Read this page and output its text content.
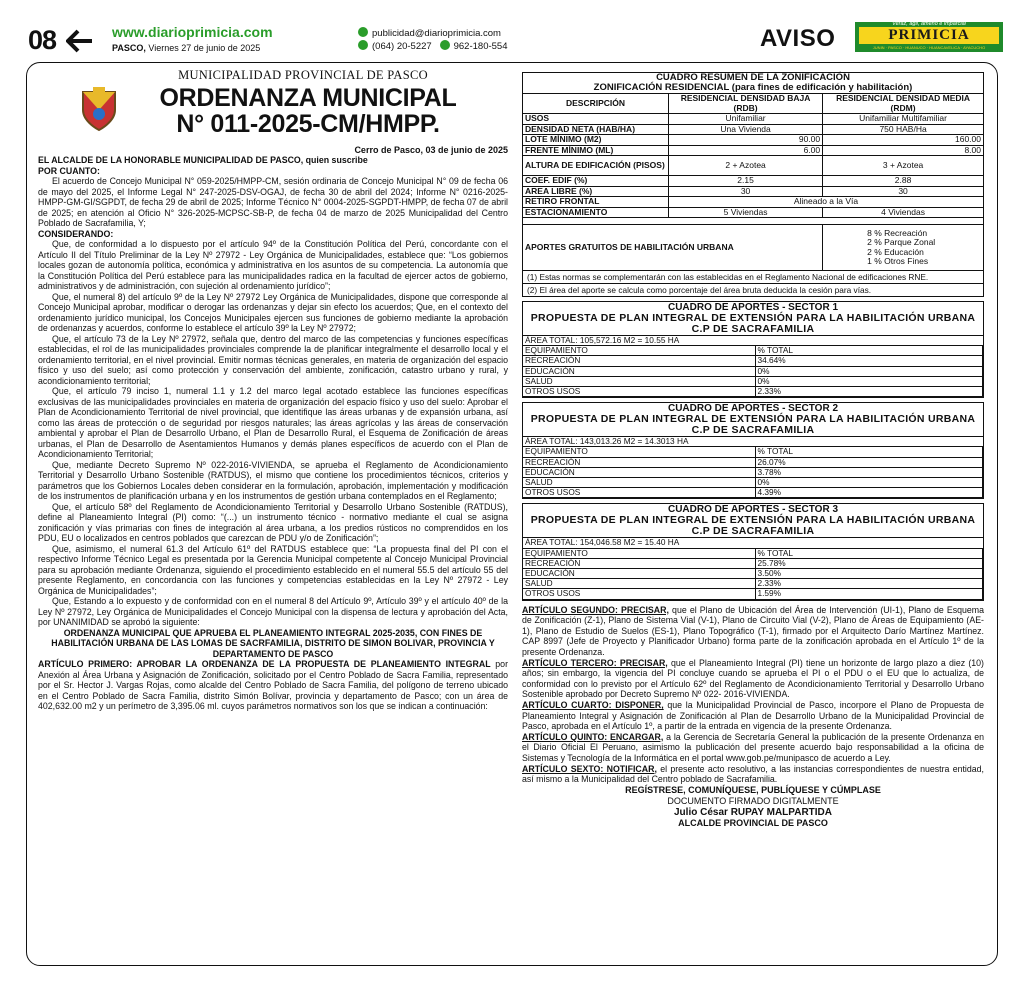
08	www.diarioprimicia.com
PASCO, Viernes 27 de junio de 2025
publicidad@diarioprimicia.com
(064) 20-5227 962-180-554	AVISO
Veraz, ágil, ameno e imparcial
PRIMICIA
JUNIN · PASCO · HUANUCO · HUANCAVELICA · AYACUCHO
MUNICIPALIDAD PROVINCIAL DE PASCO
ORDENANZA MUNICIPAL
N° 011-2025-CM/HMPP.
Cerro de Pasco, 03 de junio de 2025
EL ALCALDE DE LA HONORABLE MUNICIPALIDAD DE PASCO, quien suscribe
POR CUANTO:
El acuerdo de Concejo Municipal N° 059-2025/HMPP-CM, sesión ordinaria de Concejo Municipal N° 09 de fecha 06 de mayo del 2025, el Informe Legal N° 247-2025-DSV-OGAJ, de fecha 30 de abril del 2024; Informe N° 0216-2025-HMPP-GM-GI/SGPDT, de fecha 29 de abril de 2025; Informe Técnico N° 0004-2025-SGPDT-HMPP, de fecha 07 de abril de 2025; en atención al Oficio N° 326-2025-MCPSC-SB-P, de fecha 04 de marzo de 2025 Municipalidad del Centro Poblado de Sacrafamilia, Y;
CONSIDERANDO:
Que, de conformidad a lo dispuesto por el artículo 94º de la Constitución Política del Perú, concordante con el Artículo II del Título Preliminar de la Ley Nº 27972 - Ley Orgánica de Municipalidades, establece que: “Los gobiernos locales gozan de autonomía política, económica y administrativa en los asuntos de su competencia. La autonomía que la Constitución Política del Perú establece para las municipalidades radica en la facultad de ejercer actos de gobierno, administrativos y de administración, con sujeción al ordenamiento jurídico”;
Que, el numeral 8) del artículo 9º de la Ley Nº 27972 Ley Orgánica de Municipalidades, dispone que corresponde al Concejo Municipal aprobar, modificar o derogar las ordenanzas y dejar sin efecto los acuerdos; Que, en el contexto del ordenamiento jurídico municipal, los Concejos Municipales ejercen sus funciones de gobierno mediante la aprobación de ordenanzas y acuerdos, conforme lo establece el artículo 39º la Ley Nº 27972;
Que, el artículo 73 de la Ley Nº 27972, señala que, dentro del marco de las competencias y funciones específicas establecidas, el rol de las municipalidades provinciales comprende la de planificar integralmente el desarrollo local y el ordenamiento territorial, en el nivel provincial. Emitir normas técnicas generales, en materia de organización del espacio físico y uso del suelo; así como protección y conservación del ambiente, zonificación, catastro urbano y rural, y acondicionamiento territorial;
Que, el artículo 79 inciso 1, numeral 1.1 y 1.2 del marco legal acotado establece las funciones específicas exclusivas de las municipalidades provinciales en materia de organización del espacio físico y uso del suelo: Aprobar el Plan de Acondicionamiento Territorial de nivel provincial, que identifique las áreas urbanas y de expansión urbana, así como las áreas de protección o de seguridad por riesgos naturales; las áreas agrícolas y las áreas de conservación ambiental y aprobar el Plan de Desarrollo Urbano, el Plan de Desarrollo Rural, el Esquema de Zonificación de áreas urbanas, el Plan de Desarrollo de Asentamientos Humanos y demás planes específicos de acuerdo con el Plan de Acondicionamiento Territorial;
Que, mediante Decreto Supremo Nº 022-2016-VIVIENDA, se aprueba el Reglamento de Acondicionamiento Territorial y Desarrollo Urbano Sostenible (RATDUS), el mismo que contiene los procedimientos técnicos, criterios y parámetros que los Gobiernos Locales deben considerar en la formulación, aprobación, implementación y modificación de los instrumentos de planificación urbana y en los instrumentos de gestión urbana contemplados en el Reglamento;
Que, el artículo 58º del Reglamento de Acondicionamiento Territorial y Desarrollo Urbano Sostenible (RATDUS), define al Planeamiento Integral (PI) como: “(...) un instrumento técnico - normativo mediante el cual se asigna zonificación y vías primarias con fines de integración al área urbana, a los predios rústicos no comprendidos en los PDU, EU o localizados en centros poblados que carezcan de PDU y/o de Zonificación”;
Que, asimismo, el numeral 61.3 del Artículo 61º del RATDUS establece que: “La propuesta final del PI con el respectivo Informe Técnico Legal es presentada por la Gerencia Municipal competente al Concejo Municipal Provincial para su aprobación mediante Ordenanza, siguiendo el procedimiento establecido en el numeral 55.5 del artículo 55 del presente Reglamento, en concordancia con las funciones y competencias establecidas en la Ley Nº 27972 - Ley Orgánica de Municipalidades”;
Que, Estando a lo expuesto y de conformidad con en el numeral 8 del Artículo 9º, Artículo 39º y el artículo 40º de la Ley Nº 27972, Ley Orgánica de Municipalidades el Concejo Municipal con la dispensa de lectura y aprobación del Acta, por UNANIMIDAD se aprobó la siguiente:
ORDENANZA MUNICIPAL QUE APRUEBA EL PLANEAMIENTO INTEGRAL 2025-2035, CON FINES DE HABILITACIÓN URBANA DE LAS LOMAS DE SACRFAMILIA, DISTRITO DE SIMON BOLIVAR, PROVINCIA Y DEPARTAMENTO DE PASCO
ARTÍCULO PRIMERO: APROBAR LA ORDENANZA DE LA PROPUESTA DE PLANEAMIENTO INTEGRAL por Anexión al Área Urbana y Asignación de Zonificación, solicitado por el Centro Poblado de Sacra Familia, representado por el Sr. Hector J. Vargas Rojas, como alcalde del Centro Poblado de Sacra Familia, del polígono de terreno ubicado en el Centro Poblado de Sacra Familia, distrito Simón Bolívar, provincia y departamento de Pasco; con un área de 402,632.00 m2 y un perímetro de 3,395.06 ml. cuyos parámetros normativos son los que se indican a continuación:
CUADRO RESUMEN DE LA ZONIFICACIÓN		
ZONIFICACIÓN RESIDENCIAL (para fines de edificación y habilitación)		
DESCRIPCIÓN	RESIDENCIAL DENSIDAD BAJA (RDB)	RESIDENCIAL DENSIDAD MEDIA (RDM)
USOS	Unifamiliar	Unifamiliar Multifamiliar
DENSIDAD NETA (HAB/HA)	Una Vivienda	750 HAB/Ha
LOTE MÍNIMO (M2)	90.00	160.00
FRENTE MÍNIMO (ML)	6.00	8.00
ALTURA DE EDIFICACIÓN (PISOS)	2 + Azotea	3 + Azotea
COEF. EDIF (%)	2.15	2.88
AREA LIBRE (%)	30	30
RETIRO FRONTAL	Alineado a la Vía	
ESTACIONAMIENTO	5 Viviendas	4 Viviendas

APORTES GRATUITOS DE HABILITACIÓN URBANA		8 % Recreación
2 % Parque Zonal
2 % Educación
1 % Otros Fines

(1) Estas normas se complementarán con las establecidas en el Reglamento Nacional de edificaciones RNE.		
(2) El área del aporte se calcula como porcentaje del área bruta deducida la cesión para vías.		
CUADRO DE APORTES - SECTOR 1
PROPUESTA DE PLAN INTEGRAL DE EXTENSIÓN PARA LA HABILITACIÓN URBANA C.P DE SACRAFAMILIA
ÁREA TOTAL: 105,572.16 M2 = 10.55 HA	
EQUIPAMIENTO	% TOTAL
RECREACIÓN	34.64%
EDUCACIÓN	0%
SALUD	0%
OTROS USOS	2.33%
CUADRO DE APORTES - SECTOR 2
PROPUESTA DE PLAN INTEGRAL DE EXTENSIÓN PARA LA HABILITACIÓN URBANA C.P DE SACRAFAMILIA
ÁREA TOTAL: 143,013.26 M2 = 14.3013 HA	
EQUIPAMIENTO	% TOTAL
RECREACIÓN	26.07%
EDUCACIÓN	3.78%
SALUD	0%
OTROS USOS	4.39%
CUADRO DE APORTES - SECTOR 3
PROPUESTA DE PLAN INTEGRAL DE EXTENSIÓN PARA LA HABILITACIÓN URBANA C.P DE SACRAFAMILIA
ÁREA TOTAL: 154,046.58 M2 = 15.40 HA	
EQUIPAMIENTO	% TOTAL
RECREACIÓN	25.78%
EDUCACIÓN	3.50%
SALUD	2.33%
OTROS USOS	1.59%
ARTÍCULO SEGUNDO: PRECISAR, que el Plano de Ubicación del Área de Intervención (UI-1), Plano de Esquema de Zonificación (Z-1), Plano de Sistema Vial (V-1), Plano de Circuito Vial (V-2), Plano de Áreas de Equipamiento (AE-1), Plano de Estudio de Suelos (ES-1), Plano Topográfico (T-1), firmado por el Arquitecto Darío Martínez Martínez. CAP 8997 (Jefe de Proyecto y Planificador Urbano) forma parte de la zonificación aprobada en el Artículo 1º de la presente Ordenanza.
ARTÍCULO TERCERO: PRECISAR, que el Planeamiento Integral (PI) tiene un horizonte de largo plazo a diez (10) años; sin embargo, la vigencia del PI concluye cuando se aprueba el PI o el PDU o el EU que lo actualiza, de conformidad con lo previsto por el Artículo 62º del Reglamento de Acondicionamiento Territorial y Desarrollo Urbano Sostenible aprobado por Decreto Supremo Nº 022- 2016-VIVIENDA.
ARTÍCULO CUARTO: DISPONER, que la Municipalidad Provincial de Pasco, incorpore el Plano de Propuesta de Planeamiento Integral y Asignación de Zonificación al Plan de Desarrollo Urbano de la Municipalidad Provincial de Pasco, aprobada en el Artículo 1º, a partir de la entrada en vigencia de la presente Ordenanza.
ARTÍCULO QUINTO: ENCARGAR, a la Gerencia de Secretaría General la publicación de la presente Ordenanza en el Diario Oficial El Peruano, asimismo la publicación del presente acuerdo bajo responsabilidad a la oficina de Sistemas y Tecnología de la Informática en el portal www.gob.pe/munipasco de acuerdo a Ley.
ARTÍCULO SEXTO: NOTIFICAR, el presente acto resolutivo, a las instancias correspondientes de nuestra entidad, así mismo a la Municipalidad del Centro poblado de Sacrafamilia.
REGÍSTRESE, COMUNÍQUESE, PUBLÍQUESE Y CÚMPLASE
DOCUMENTO FIRMADO DIGITALMENTE
Julio César RUPAY MALPARTIDA
ALCALDE PROVINCIAL DE PASCO
